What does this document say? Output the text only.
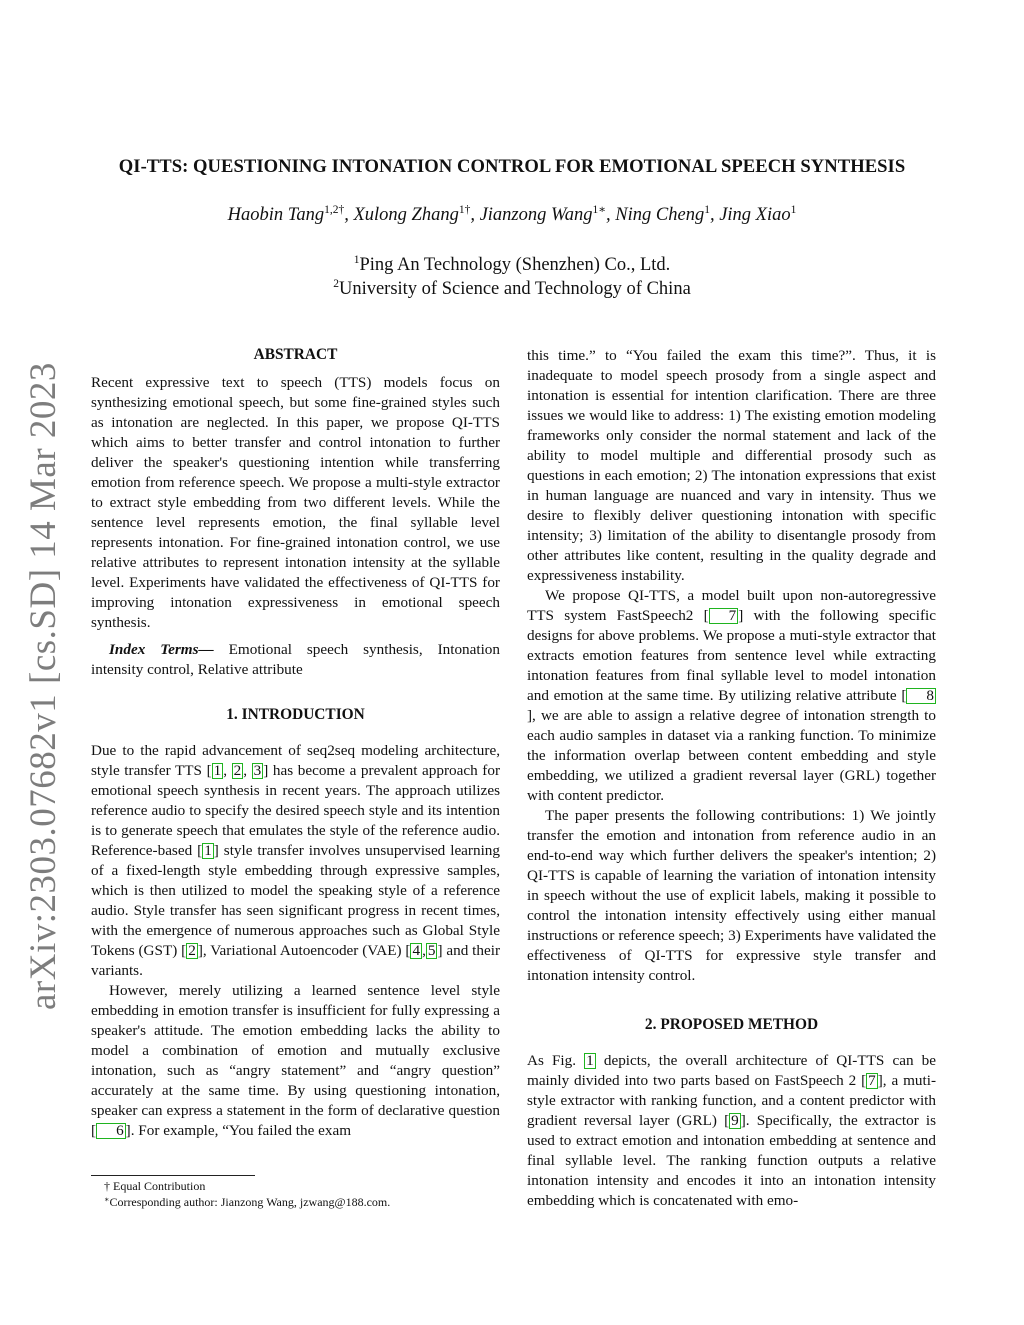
arXiv:2303.07682v1 [cs.SD] 14 Mar 2023
QI-TTS: QUESTIONING INTONATION CONTROL FOR EMOTIONAL SPEECH SYNTHESIS
Haobin Tang$^{1,2\dagger}$, Xulong Zhang$^{1\dagger}$, Jianzong Wang$^{1∗}$, Ning Cheng$^1$, Jing Xiao$^1$
$^1$Ping An Technology (Shenzhen) Co., Ltd.
$^2$University of Science and Technology of China
ABSTRACT

Recent expressive text to speech (TTS) models focus on synthesizing emotional speech, but some fine-grained styles such as intonation are neglected. In this paper, we propose QI-TTS which aims to better transfer and control intonation to further deliver the speaker's questioning intention while transferring emotion from reference speech. We propose a multi-style extractor to extract style embedding from two different levels. While the sentence level represents emotion, the final syllable level represents intonation. For fine-grained intonation control, we use relative attributes to represent intonation intensity at the syllable level. Experiments have validated the effectiveness of QI-TTS for improving intonation expressiveness in emotional speech synthesis.

Index Terms— Emotional speech synthesis, Intonation intensity control, Relative attribute

1. INTRODUCTION

Due to the rapid advancement of seq2seq modeling architecture, style transfer TTS [ 1 , 2 , 3 ] has become a prevalent approach for emotional speech synthesis in recent years. The approach utilizes reference audio to specify the desired speech style and its intention is to generate speech that emulates the style of the reference audio. Reference-based [ 1 ] style transfer involves unsupervised learning of a fixed-length style embedding through expressive samples, which is then utilized to model the speaking style of a reference audio. Style transfer has seen significant progress in recent times, with the emergence of numerous approaches such as Global Style Tokens (GST) [ 2 ], Variational Autoencoder (VAE) [ 4 , 5 ] and their variants.

However, merely utilizing a learned sentence level style embedding in emotion transfer is insufficient for fully expressing a speaker's attitude. The emotion embedding lacks the ability to model a combination of emotion and mutually exclusive intonation, such as “angry statement” and “angry question” accurately at the same time. By using questioning intonation, speaker can express a statement in the form of declarative question [ 6 ]. For example, “You failed the exam

† Equal Contribution
∗Corresponding author: Jianzong Wang, jzwang@188.com.

this time.” to “You failed the exam this time?”. Thus, it is inadequate to model speech prosody from a single aspect and intonation is essential for intention clarification. There are three issues we would like to address: 1) The existing emotion modeling frameworks only consider the normal statement and lack of the ability to model multiple and differential prosody such as questions in each emotion; 2) The intonation expressions that exist in human language are nuanced and vary in intensity. Thus we desire to flexibly deliver questioning intonation with specific intensity; 3) limitation of the ability to disentangle prosody from other attributes like content, resulting in the quality degrade and expressiveness instability.

We propose QI-TTS, a model built upon non-autoregressive TTS system FastSpeech2 [ 7 ] with the following specific designs for above problems. We propose a muti-style extractor that extracts emotion features from sentence level while extracting intonation features from final syllable level to model intonation and emotion at the same time. By utilizing relative attribute [ 8], we are able to assign a relative degree of intonation strength to each audio samples in dataset via a ranking function. To minimize the information overlap between content embedding and style embedding, we utilized a gradient reversal layer (GRL) together with content predictor.

The paper presents the following contributions: 1) We jointly transfer the emotion and intonation from reference audio in an end-to-end way which further delivers the speaker's intention; 2) QI-TTS is capable of learning the variation of intonation intensity in speech without the use of explicit labels, making it possible to control the intonation intensity effectively using either manual instructions or reference speech; 3) Experiments have validated the effectiveness of QI-TTS for expressive style transfer and intonation intensity control.

2. PROPOSED METHOD

As Fig. 1 depicts, the overall architecture of QI-TTS can be mainly divided into two parts based on FastSpeech 2 [ 7 ], a muti-style extractor with ranking function, and a content predictor with gradient reversal layer (GRL) [ 9 ]. Specifically, the extractor is used to extract emotion and intonation embedding at sentence and final syllable level. The ranking function outputs a relative intonation intensity and encodes it into an intonation intensity embedding which is concatenated with emo-
